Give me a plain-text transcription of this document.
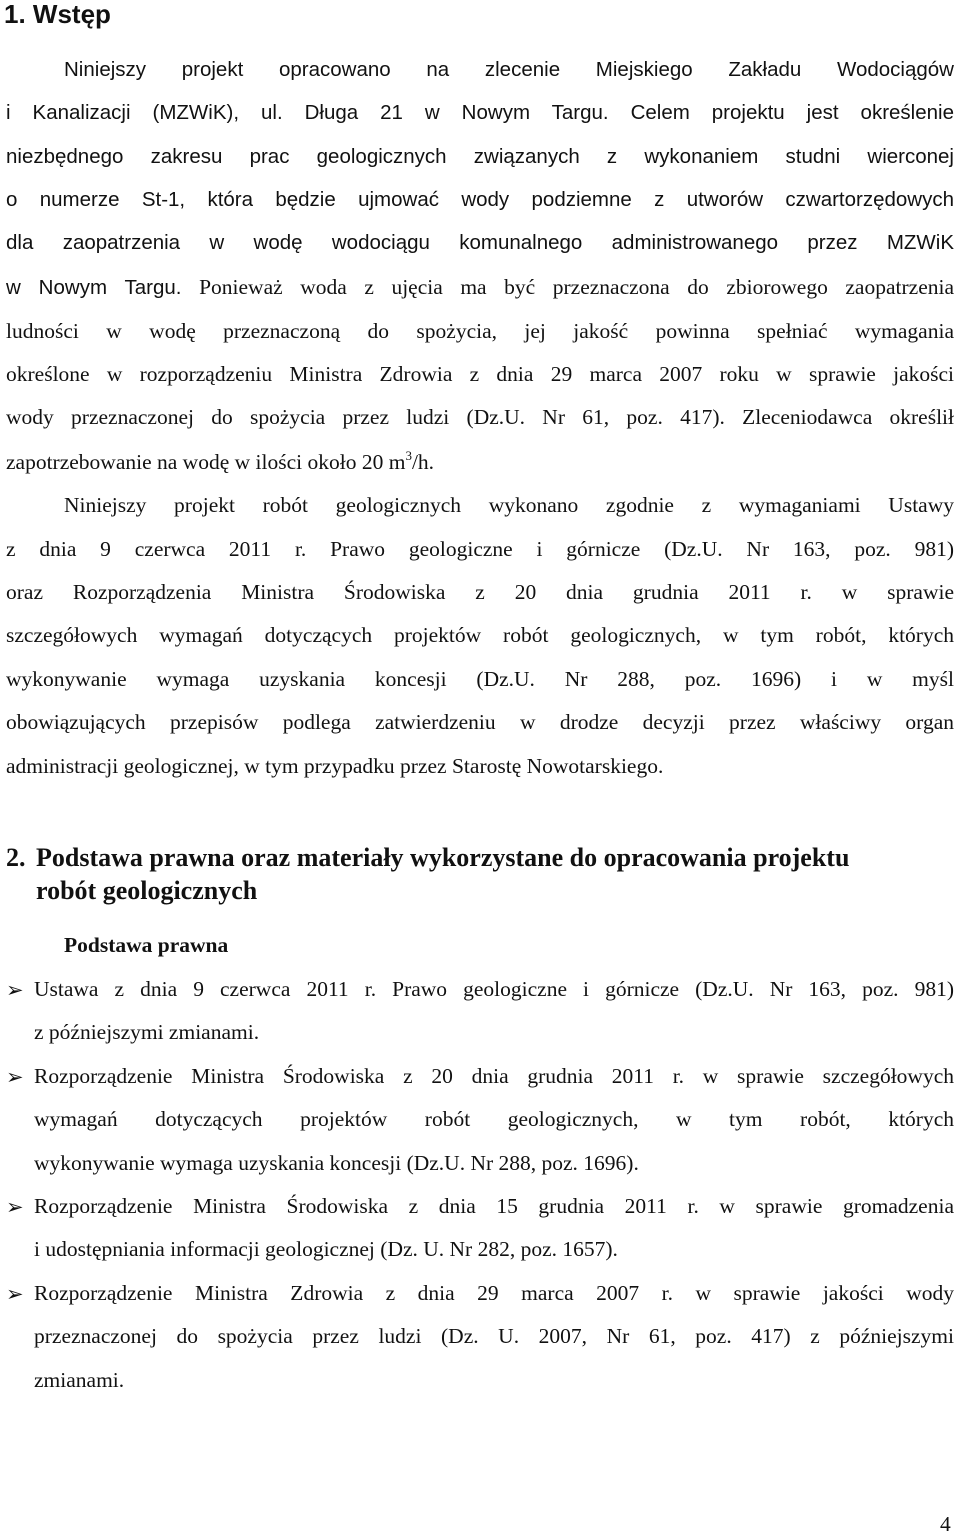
1. Wstęp
Niniejszy projekt opracowano na zlecenie Miejskiego Zakładu Wodociągów
i Kanalizacji (MZWiK), ul. Długa 21 w Nowym Targu. Celem projektu jest określenie
niezbędnego zakresu prac geologicznych związanych z wykonaniem studni wierconej
o numerze St-1, która będzie ujmować wody podziemne z utworów czwartorzędowych
dla zaopatrzenia w wodę wodociągu komunalnego administrowanego przez MZWiK
w Nowym Targu. Ponieważ woda z ujęcia ma być przeznaczona do zbiorowego zaopatrzenia
ludności w wodę przeznaczoną do spożycia, jej jakość powinna spełniać wymagania
określone w rozporządzeniu Ministra Zdrowia z dnia 29 marca 2007 roku w sprawie jakości
wody przeznaczonej do spożycia przez ludzi (Dz.U. Nr 61, poz. 417). Zleceniodawca określił
zapotrzebowanie na wodę w ilości około 20 $m^3/h$.
Niniejszy projekt robót geologicznych wykonano zgodnie z wymaganiami Ustawy
z dnia 9 czerwca 2011 r. Prawo geologiczne i górnicze (Dz.U. Nr 163, poz. 981)
oraz Rozporządzenia Ministra Środowiska z 20 dnia grudnia 2011 r. w sprawie
szczegółowych wymagań dotyczących projektów robót geologicznych, w tym robót, których
wykonywanie wymaga uzyskania koncesji (Dz.U. Nr 288, poz. 1696) i w myśl
obowiązujących przepisów podlega zatwierdzeniu w drodze decyzji przez właściwy organ
administracji geologicznej, w tym przypadku przez Starostę Nowotarskiego.
2. Podstawa prawna oraz materiały wykorzystane do opracowania projektu
robót geologicznych
Podstawa prawna
➢ Ustawa z dnia 9 czerwca 2011 r. Prawo geologiczne i górnicze (Dz.U. Nr 163, poz. 981)
z późniejszymi zmianami.
➢ Rozporządzenie Ministra Środowiska z 20 dnia grudnia 2011 r. w sprawie szczegółowych
wymagań dotyczących projektów robót geologicznych, w tym robót, których
wykonywanie wymaga uzyskania koncesji (Dz.U. Nr 288, poz. 1696).
➢ Rozporządzenie Ministra Środowiska z dnia 15 grudnia 2011 r. w sprawie gromadzenia
i udostępniania informacji geologicznej (Dz. U. Nr 282, poz. 1657).
➢ Rozporządzenie Ministra Zdrowia z dnia 29 marca 2007 r. w sprawie jakości wody
przeznaczonej do spożycia przez ludzi (Dz. U. 2007, Nr 61, poz. 417) z późniejszymi
zmianami.
4
